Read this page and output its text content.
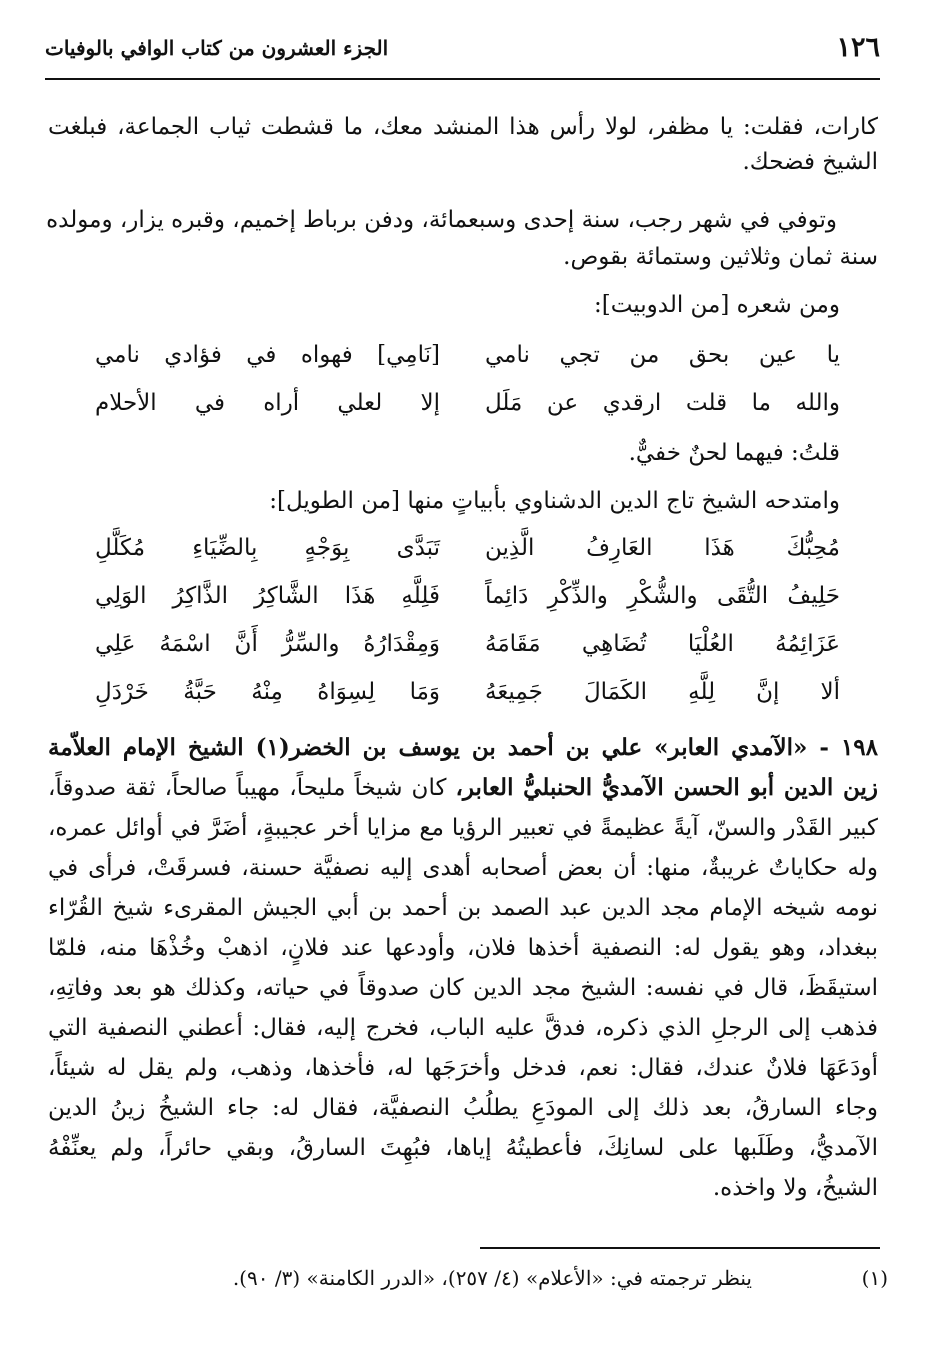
١٢٦
الجزء العشرون من كتاب الوافي بالوفيات
كارات، فقلت: يا مظفر، لولا رأس هذا المنشد معك، ما قشطت ثياب الجماعة، فبلغت
الشيخ فضحك.
وتوفي في شهر رجب، سنة إحدى وسبعمائة، ودفن برباط إخميم، وقبره يزار، ومولده
سنة ثمان وثلاثين وستمائة بقوص.
ومن شعره [من الدوبيت]:
يا عين بحق من تجي نامي
[نَامِي] فهواه في فؤادي نامي
والله ما قلت ارقدي عن مَلَل
إلا لعلي أراه في الأحلام
قلتُ: فيهما لحنٌ خفيٌّ.
وامتدحه الشيخ تاج الدين الدشناوي بأبياتٍ منها [من الطويل]:
مُحِبُّكَ هَذَا العَارِفُ الَّذِين
تَبَدَّى بِوَجْهٍ بِالضِّيَاءِ مُكَلَّلِ
حَلِيفُ التُّقَى والشُّكْرِ والذِّكْرِ دَائِماً
فَلِلَّهِ هَذَا الشَّاكِرُ الذَّاكِرُ الوَلِي
عَزَائِمُهُ العُلْيَا تُضَاهِي مَقَامَهُ
وَمِقْدَارُهُ والسِّرُّ أَنَّ اسْمَهُ عَلِي
ألا إنَّ لِلَّهِ الكَمَالَ جَمِيعَهُ
وَمَا لِسِوَاهُ مِنْهُ حَبَّةُ خَرْدَلِ
١٩٨ - «الآمدي العابر» علي بن أحمد بن يوسف بن الخضر(١) الشيخ الإمام العلاّمة
زين الدين أبو الحسن الآمديُّ الحنبليُّ العابر، كان شيخاً مليحاً، مهيباً صالحاً، ثقة صدوقاً،
كبير القَدْر والسنّ، آيةً عظيمةً في تعبير الرؤيا مع مزايا أخر عجيبةٍ، أضَرَّ في أوائل عمره،
وله حكاياتٌ غريبةٌ، منها: أن بعض أصحابه أهدى إليه نصفيَّة حسنة، فسرقَتْ، فرأى في
نومه شيخه الإمام مجد الدين عبد الصمد بن أحمد بن أبي الجيش المقرىء شيخ القُرّاء
ببغداد، وهو يقول له: النصفية أخذها فلان، وأودعها عند فلانٍ، اذهبْ وخُذْهَا منه، فلمّا
استيقَظَ، قال في نفسه: الشيخ مجد الدين كان صدوقاً في حياته، وكذلك هو بعد وفاتِهِ،
فذهب إلى الرجلِ الذي ذكره، فدقَّ عليه الباب، فخرج إليه، فقال: أعطني النصفية التي
أودَعَهَا فلانٌ عندك، فقال: نعم، فدخل وأخرَجَها له، فأخذها، وذهب، ولم يقل له شيئاً،
وجاء السارقُ، بعد ذلك إلى المودَعِ يطلُبُ النصفيَّة، فقال له: جاء الشيخُ زينُ الدين
الآمديُّ، وطَلَبها على لسانِكَ، فأعطيتُهُ إياها، فبُهِتَ السارقُ، وبقي حائراً، ولم يعنِّفْهُ
الشيخُ، ولا واخذه.
(١)
ينظر ترجمته في: «الأعلام» (٤/ ٢٥٧)، «الدرر الكامنة» (٣/ ٩٠).
